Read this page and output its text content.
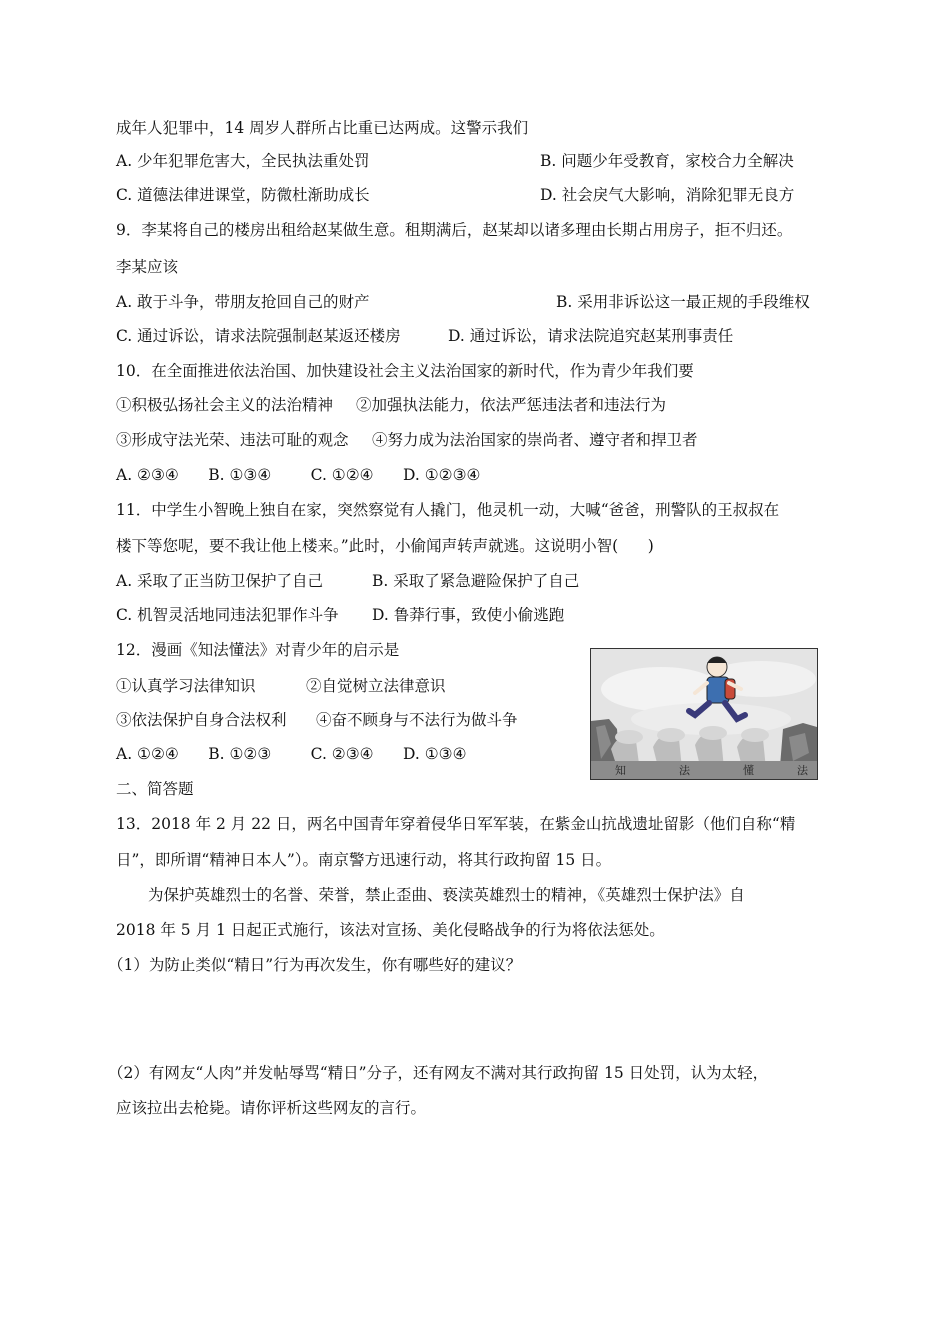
成年人犯罪中，14 周岁人群所占比重已达两成。这警示我们
A. 少年犯罪危害大，全民执法重处罚	B. 问题少年受教育，家校合力全解决
C. 道德法律进课堂，防微杜渐助成长	D. 社会戾气大影响，消除犯罪无良方
9．李某将自己的楼房出租给赵某做生意。租期满后，赵某却以诸多理由长期占用房子，拒不归还。
李某应该
A. 敢于斗争，带朋友抢回自己的财产	B. 采用非诉讼这一最正规的手段维权
C. 通过诉讼，请求法院强制赵某返还楼房	D. 通过诉讼，请求法院追究赵某刑事责任
10．在全面推进依法治国、加快建设社会主义法治国家的新时代，作为青少年我们要
①积极弘扬社会主义的法治精神 ②加强执法能力，依法严惩违法者和违法行为
③形成守法光荣、违法可耻的观念 ④努力成为法治国家的崇尚者、遵守者和捍卫者
A. ②③④      B. ①③④        C. ①②④      D. ①②③④
11．中学生小智晚上独自在家，突然察觉有人撬门，他灵机一动，大喊“爸爸，刑警队的王叔叔在
楼下等您呢，要不我让他上楼来。”此时，小偷闻声转声就逃。这说明小智(      )
A. 采取了正当防卫保护了自己	B. 采取了紧急避险保护了自己
C. 机智灵活地同违法犯罪作斗争 D. 鲁莽行事，致使小偷逃跑
12．漫画《知法懂法》对青少年的启示是
①认真学习法律知识	②自觉树立法律意识
③依法保护自身合法权利 ④奋不顾身与不法行为做斗争
A. ①②④      B. ①②③        C. ②③④      D. ①③④
知	法	懂	法
二、简答题
13．2018 年 2 月 22 日，两名中国青年穿着侵华日军军装，在紫金山抗战遗址留影（他们自称“精
日”，即所谓“精神日本人”）。南京警方迅速行动，将其行政拘留 15 日。
为保护英雄烈士的名誉、荣誉，禁止歪曲、亵渎英雄烈士的精神，《英雄烈士保护法》自
2018 年 5 月 1 日起正式施行，该法对宣扬、美化侵略战争的行为将依法惩处。
（1）为防止类似“精日”行为再次发生，你有哪些好的建议？
（2）有网友“人肉”并发帖辱骂“精日”分子，还有网友不满对其行政拘留 15 日处罚，认为太轻，
应该拉出去枪毙。请你评析这些网友的言行。
